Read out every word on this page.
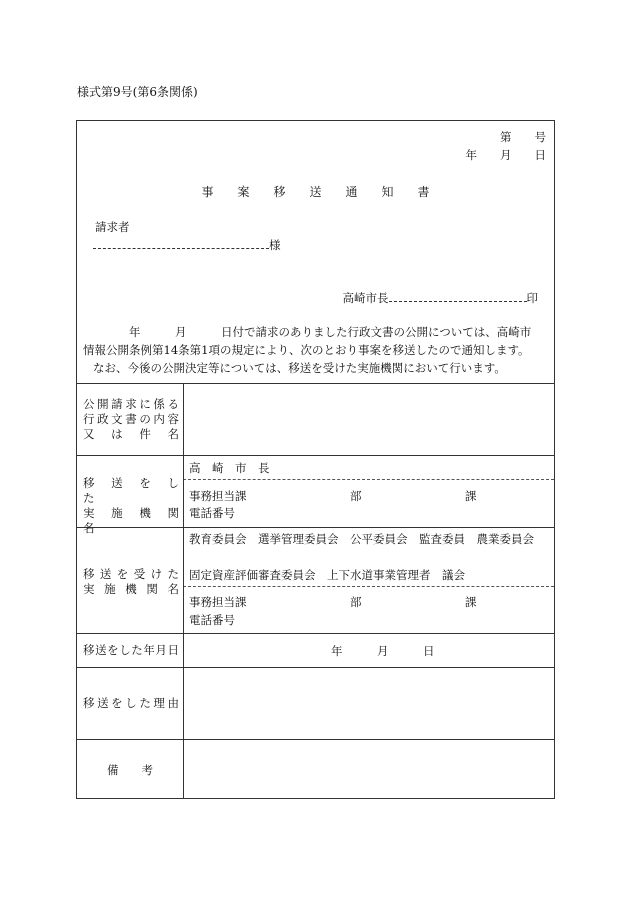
様式第9号(第6条関係)
第　　号
年　　月　　日
事　　案　　移　　送　　通　　知　　書
請求者
様
高崎市長	印
年　　　月　　　日付で請求のありました行政文書の公開については、高崎市
情報公開条例第14条第1項の規定により、次のとおり事案を移送したので通知します。
なお、今後の公開決定等については、移送を受けた実施機関において行います。
公開請求に係る
行政文書の内容
又　は　件　名
移　送　を　し　た
実　施　機　関　名
高　崎　市　長
事務担当課　　　　　　　　　部　　　　　　　　　課
電話番号
移送を受けた
実施機関名
教育委員会　選挙管理委員会　公平委員会　監査委員　農業委員会
固定資産評価審査委員会　上下水道事業管理者　議会
事務担当課　　　　　　　　　部　　　　　　　　　課
電話番号
移送をした年月日	年　　　月　　　日
移送をした理由
備　　考
